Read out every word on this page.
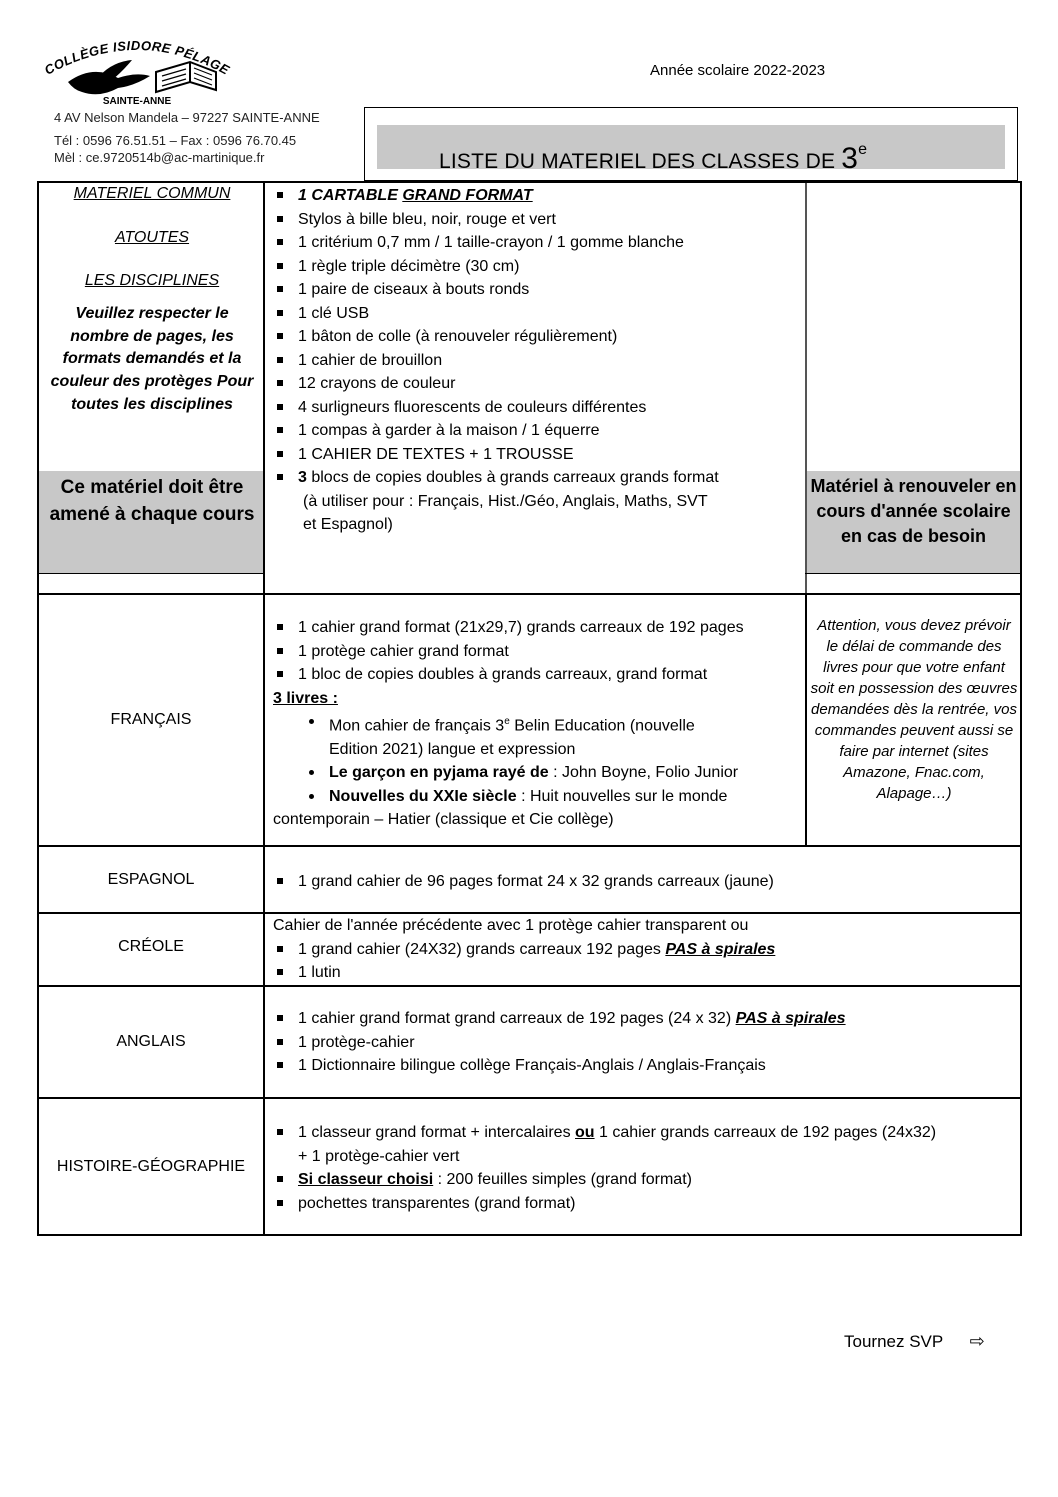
COLLÈGE ISIDORE PÉLAGE
SAINTE-ANNE
Année scolaire 2022-2023
4 AV Nelson Mandela – 97227 SAINTE-ANNE
Tél : 0596 76.51.51 – Fax : 0596 76.70.45
Mèl : ce.9720514b@ac-martinique.fr	LISTE DU MATERIEL DES CLASSES DE 3e
MATERIEL COMMUN
ATOUTES
LES DISCIPLINES
Veuillez respecter le nombre de pages, les formats demandés et la couleur des protèges Pour toutes les disciplines
Ce matériel doit être amené à chaque cours
Matériel à renouveler en cours d'année scolaire en cas de besoin
1 CARTABLE GRAND FORMAT
Stylos à bille bleu, noir, rouge et vert
1 critérium 0,7 mm / 1 taille-crayon / 1 gomme blanche
1 règle triple décimètre (30 cm)
1 paire de ciseaux à bouts ronds
1 clé USB
1 bâton de colle (à renouveler régulièrement)
1 cahier de brouillon
12 crayons de couleur
4 surligneurs fluorescents de couleurs différentes
1 compas à garder à la maison / 1 équerre
1 CAHIER DE TEXTES + 1 TROUSSE
3 blocs de copies doubles à grands carreaux grands format
(à utiliser pour : Français, Hist./Géo, Anglais, Maths, SVT
et Espagnol)
FRANÇAIS
1 cahier grand format (21x29,7) grands carreaux de 192 pages
1 protège cahier grand format
1 bloc de copies doubles à grands carreaux, grand format
3 livres :
Mon cahier de français 3e Belin Education (nouvelle
Edition 2021) langue et expression
Le garçon en pyjama rayé de : John Boyne, Folio Junior
Nouvelles du XXIe siècle : Huit nouvelles sur le monde
contemporain – Hatier (classique et Cie collège)
Attention, vous devez prévoir le délai de commande des livres pour que votre enfant soit en possession des œuvres demandées dès la rentrée, vos commandes peuvent aussi se faire par internet (sites Amazone, Fnac.com, Alapage…)
ESPAGNOL	1 grand cahier de 96 pages format 24 x 32 grands carreaux (jaune)
CRÉOLE
Cahier de l'année précédente avec 1 protège cahier transparent ou
1 grand cahier (24X32) grands carreaux 192 pages PAS à spirales
1 lutin
ANGLAIS
1 cahier grand format grand carreaux de 192 pages (24 x 32) PAS à spirales
1 protège-cahier
1 Dictionnaire bilingue collège Français-Anglais / Anglais-Français
HISTOIRE-GÉOGRAPHIE
1 classeur grand format + intercalaires ou 1 cahier grands carreaux de 192 pages (24x32)
+ 1 protège-cahier vert
Si classeur choisi : 200 feuilles simples (grand format)
pochettes transparentes (grand format)
Tournez SVP ⇨
